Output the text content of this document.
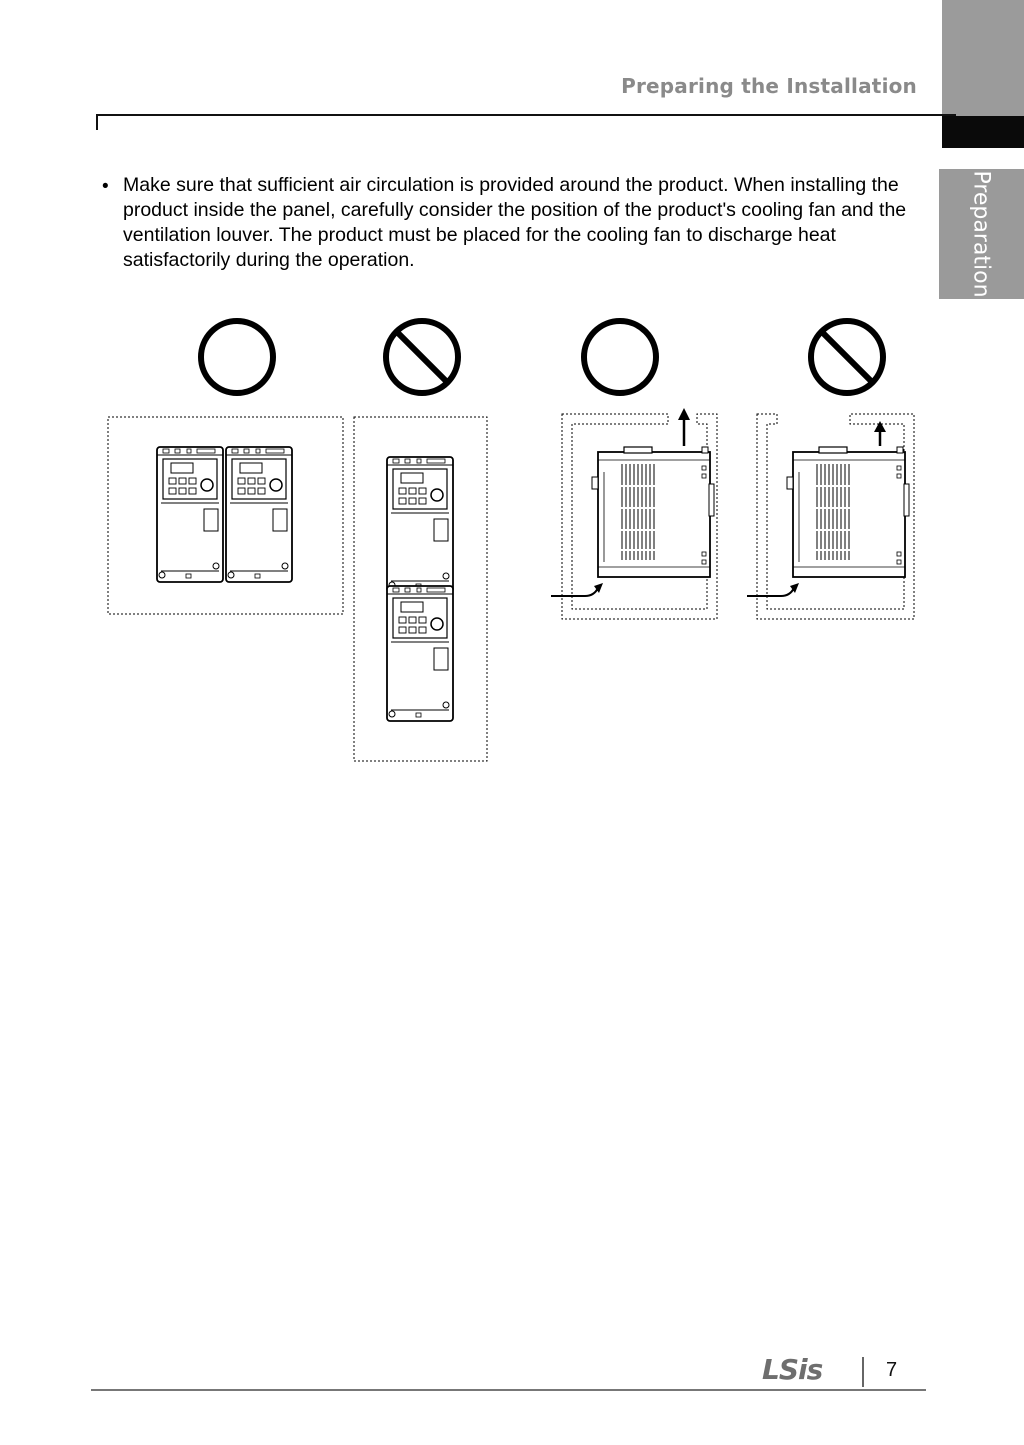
Preparation
Preparing the Installation
• Make sure that sufficient air circulation is provided around the product. When installing the product inside the panel, carefully consider the position of the product's cooling fan and the ventilation louver. The product must be placed for the cooling fan to discharge heat satisfactorily during the operation.
LSis	7
